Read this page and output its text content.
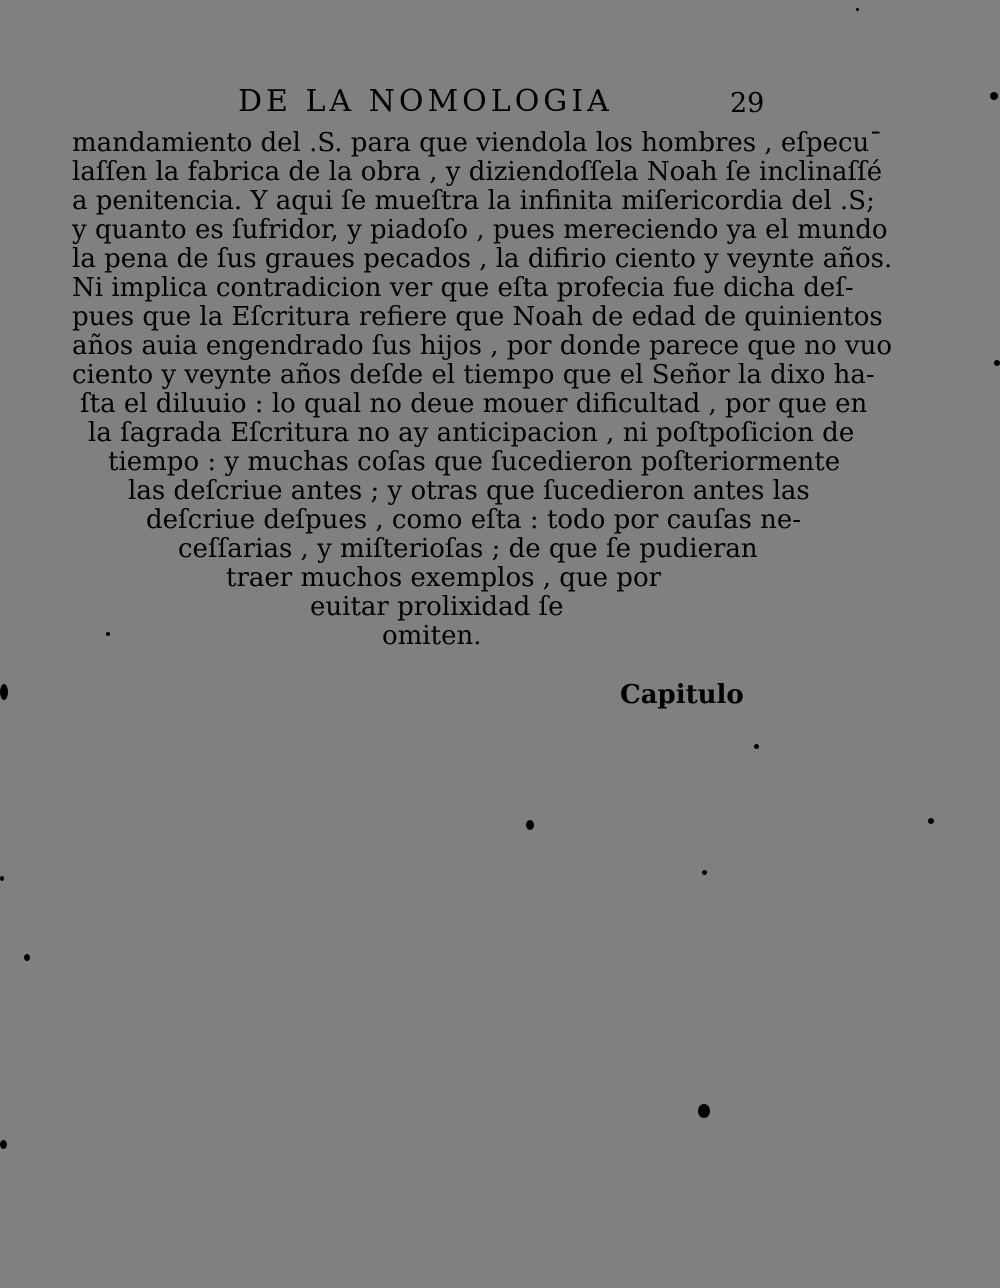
DE LA NOMOLOGIA	29
mandamiento del .S. para que viendola los hombres , eſpecu¯
laſſen la fabrica de la obra , y diziendoſſela Noah ſe inclinaſſé
a penitencia. Y aqui ſe mueſtra la infinita miſericordia del .S;
y quanto es ſufridor, y piadoſo , pues mereciendo ya el mundo
la pena de ſus graues pecados , la difirio ciento y veynte años.
Ni implica contradicion ver que eſta profecia fue dicha deſ-
pues que la Eſcritura refiere que Noah de edad de quinientos
años auia engendrado ſus hijos , por donde parece que no vuo
ciento y veynte años deſde el tiempo que el Señor la dixo ha-
ſta el diluuio : lo qual no deue mouer dificultad , por que en
la ſagrada Eſcritura no ay anticipacion , ni poſtpoſicion de
tiempo : y muchas coſas que ſucedieron poſteriormente
las deſcriue antes ; y otras que ſucedieron antes las
deſcriue deſpues , como eſta : todo por cauſas ne-
ceſſarias , y miſterioſas ; de que ſe pudieran
traer muchos exemplos , que por
euitar prolixidad ſe
omiten.
Capitulo
